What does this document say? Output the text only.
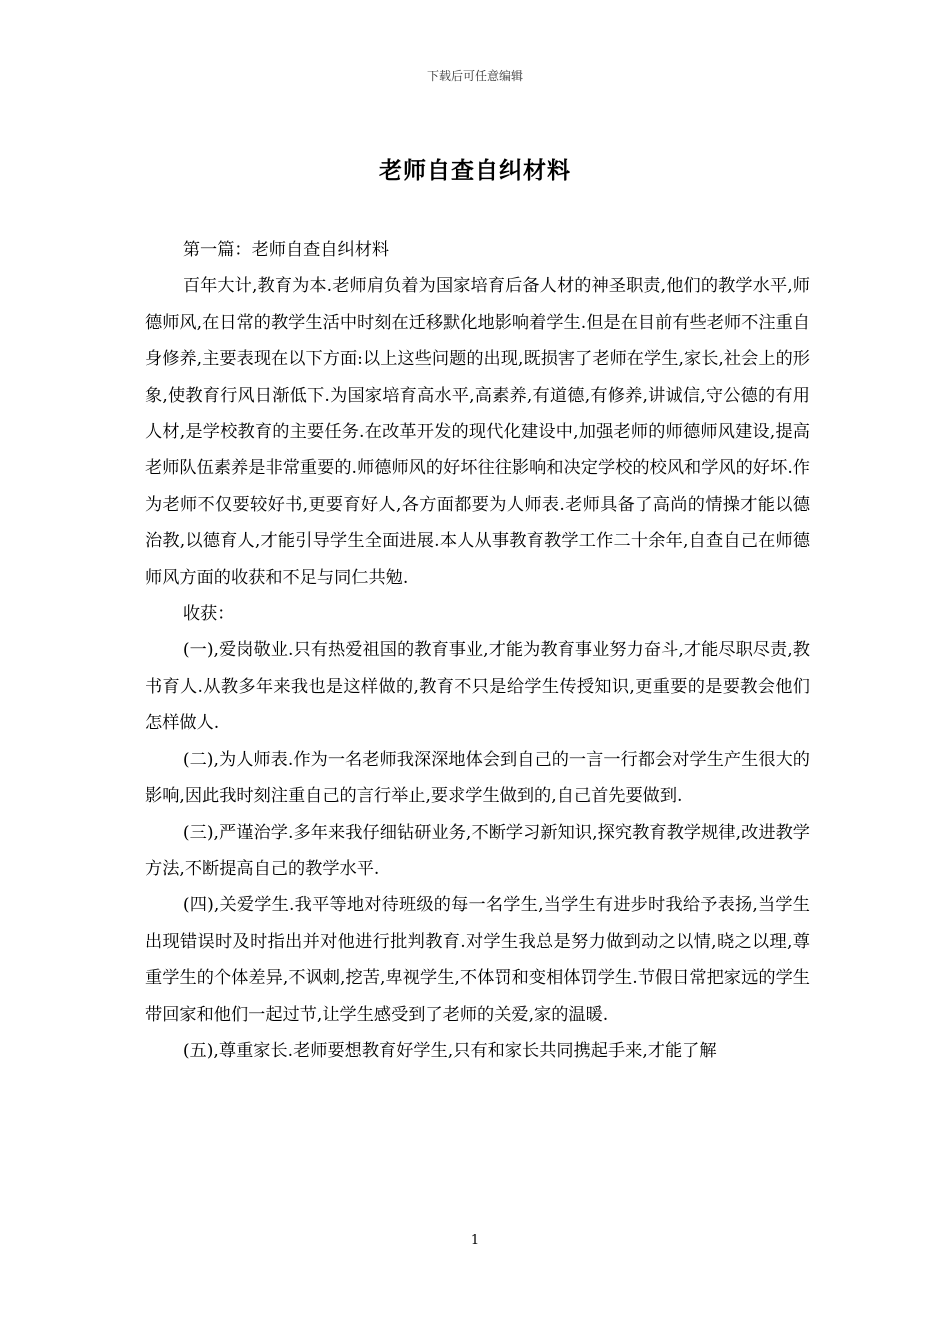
下载后可任意编辑
老师自查自纠材料

第一篇：老师自查自纠材料

百年大计,教育为本.老师肩负着为国家培育后备人材的神圣职责,他们的教学水平,师德师风,在日常的教学生活中时刻在迁移默化地影响着学生.但是在目前有些老师不注重自身修养,主要表现在以下方面:以上这些问题的出现,既损害了老师在学生,家长,社会上的形象,使教育行风日渐低下.为国家培育高水平,高素养,有道德,有修养,讲诚信,守公德的有用人材,是学校教育的主要任务.在改革开发的现代化建设中,加强老师的师德师风建设,提高老师队伍素养是非常重要的.师德师风的好坏往往影响和决定学校的校风和学风的好坏.作为老师不仅要较好书,更要育好人,各方面都要为人师表.老师具备了高尚的情操才能以德治教,以德育人,才能引导学生全面进展.本人从事教育教学工作二十余年,自查自己在师德师风方面的收获和不足与同仁共勉.

收获：

(一),爱岗敬业.只有热爱祖国的教育事业,才能为教育事业努力奋斗,才能尽职尽责,教书育人.从教多年来我也是这样做的,教育不只是给学生传授知识,更重要的是要教会他们怎样做人.

(二),为人师表.作为一名老师我深深地体会到自己的一言一行都会对学生产生很大的影响,因此我时刻注重自己的言行举止,要求学生做到的,自己首先要做到.

(三),严谨治学.多年来我仔细钻研业务,不断学习新知识,探究教育教学规律,改进教学方法,不断提高自己的教学水平.

(四),关爱学生.我平等地对待班级的每一名学生,当学生有进步时我给予表扬,当学生出现错误时及时指出并对他进行批判教育.对学生我总是努力做到动之以情,晓之以理,尊重学生的个体差异,不讽刺,挖苦,卑视学生,不体罚和变相体罚学生.节假日常把家远的学生带回家和他们一起过节,让学生感受到了老师的关爱,家的温暖.

(五),尊重家长.老师要想教育好学生,只有和家长共同携起手来,才能了解

1
